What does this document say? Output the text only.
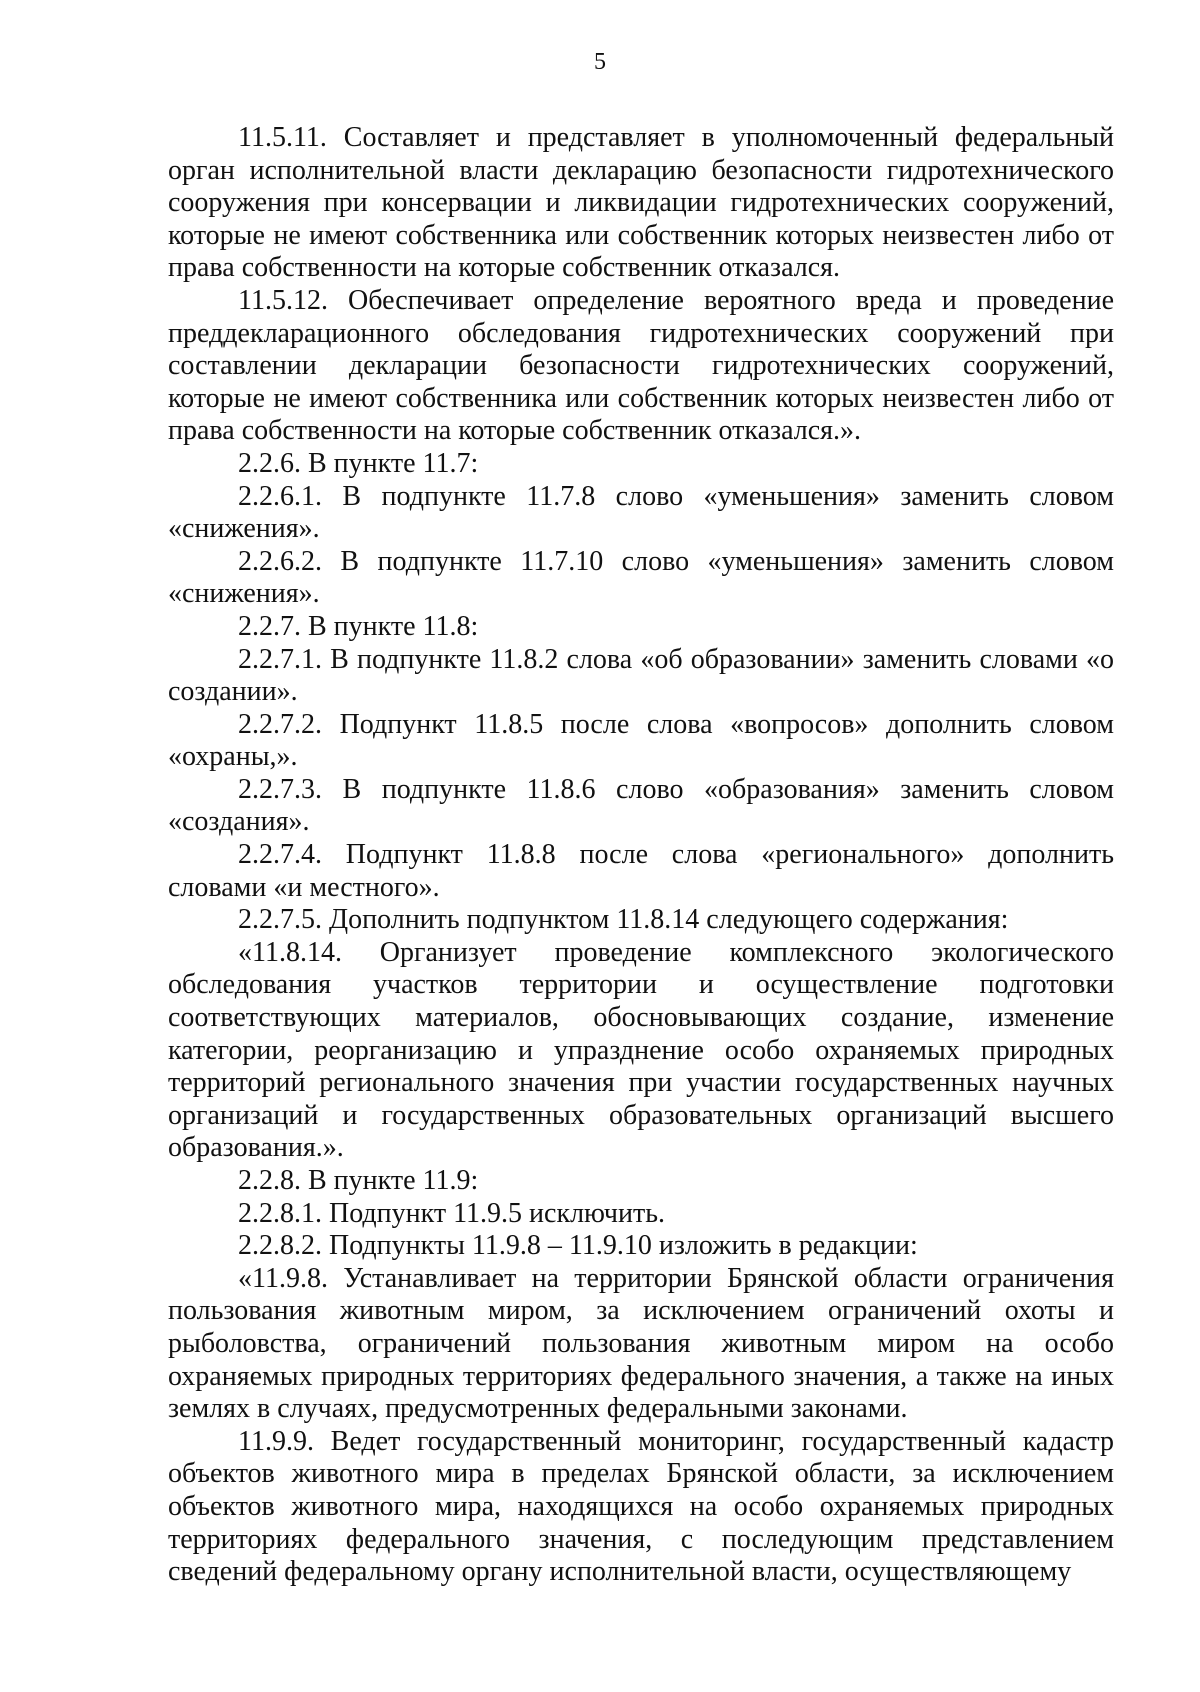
5

11.5.11. Составляет и представляет в уполномоченный федеральный орган исполнительной власти декларацию безопасности гидротехнического сооружения при консервации и ликвидации гидротехнических сооружений, которые не имеют собственника или собственник которых неизвестен либо от права собственности на которые собственник отказался.

11.5.12. Обеспечивает определение вероятного вреда и проведение преддекларационного обследования гидротехнических сооружений при составлении декларации безопасности гидротехнических сооружений, которые не имеют собственника или собственник которых неизвестен либо от права собственности на которые собственник отказался.».

2.2.6. В пункте 11.7:

2.2.6.1. В подпункте 11.7.8 слово «уменьшения» заменить словом «снижения».

2.2.6.2. В подпункте 11.7.10 слово «уменьшения» заменить словом «снижения».

2.2.7. В пункте 11.8:

2.2.7.1. В подпункте 11.8.2 слова «об образовании» заменить словами «о создании».

2.2.7.2. Подпункт 11.8.5 после слова «вопросов» дополнить словом «охраны,».

2.2.7.3. В подпункте 11.8.6 слово «образования» заменить словом «создания».

2.2.7.4. Подпункт 11.8.8 после слова «регионального» дополнить словами «и местного».

2.2.7.5. Дополнить подпунктом 11.8.14 следующего содержания:

«11.8.14. Организует проведение комплексного экологического обследования участков территории и осуществление подготовки соответствующих материалов, обосновывающих создание, изменение категории, реорганизацию и упразднение особо охраняемых природных территорий регионального значения при участии государственных научных организаций и государственных образовательных организаций высшего образования.».

2.2.8. В пункте 11.9:

2.2.8.1. Подпункт 11.9.5 исключить.

2.2.8.2. Подпункты 11.9.8 – 11.9.10 изложить в редакции:

«11.9.8. Устанавливает на территории Брянской области ограничения пользования животным миром, за исключением ограничений охоты и рыболовства, ограничений пользования животным миром на особо охраняемых природных территориях федерального значения, а также на иных землях в случаях, предусмотренных федеральными законами.

11.9.9. Ведет государственный мониторинг, государственный кадастр объектов животного мира в пределах Брянской области, за исключением объектов животного мира, находящихся на особо охраняемых природных территориях федерального значения, с последующим представлением сведений федеральному органу исполнительной власти, осуществляющему
